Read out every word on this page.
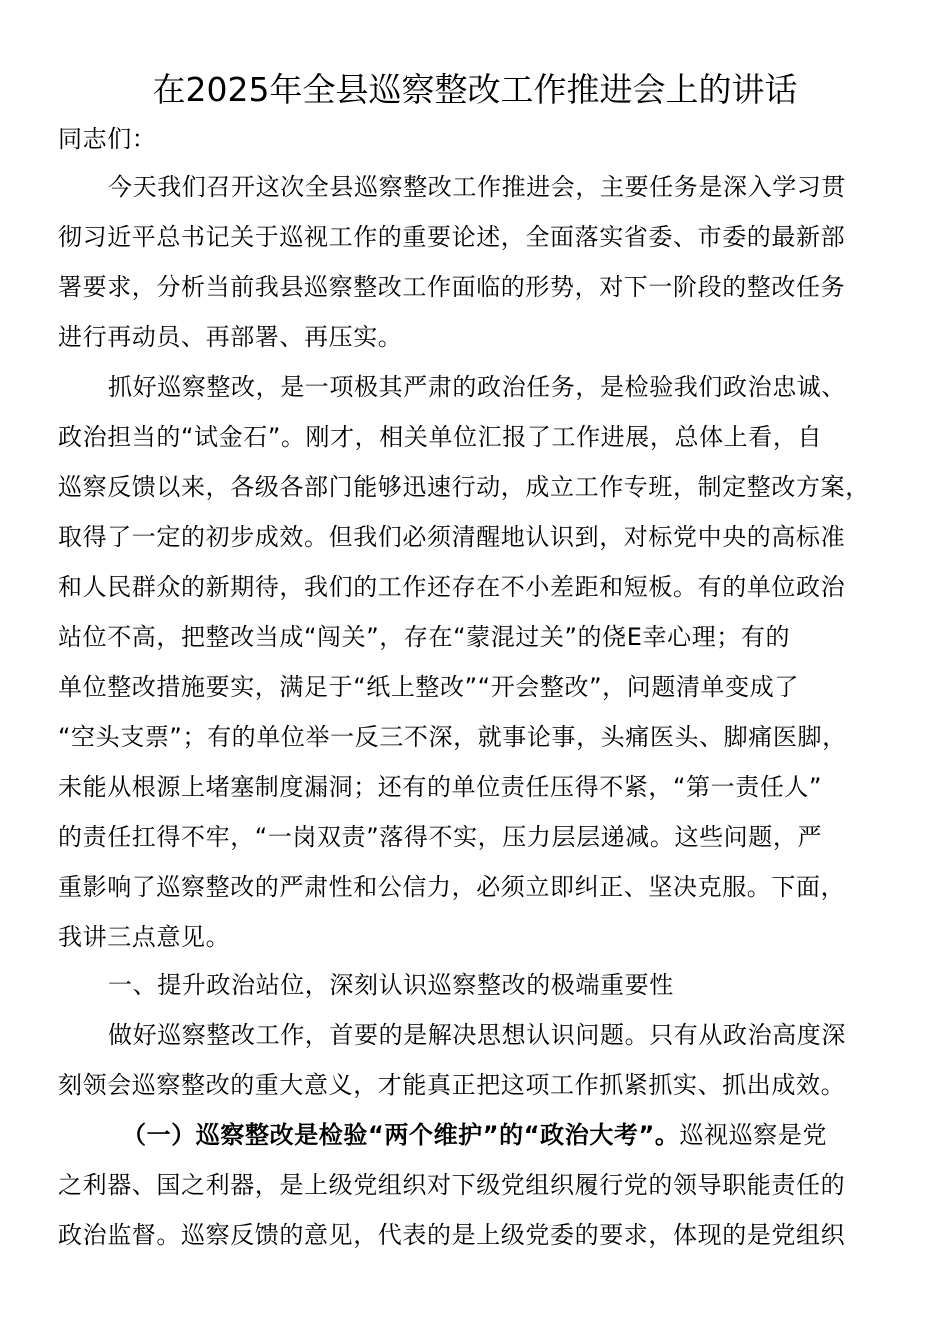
在2025年全县巡察整改工作推进会上的讲话
同志们：
今天我们召开这次全县巡察整改工作推进会，主要任务是深入学习贯
彻习近平总书记关于巡视工作的重要论述，全面落实省委、市委的最新部
署要求，分析当前我县巡察整改工作面临的形势，对下一阶段的整改任务
进行再动员、再部署、再压实。
抓好巡察整改，是一项极其严肃的政治任务，是检验我们政治忠诚、
政治担当的“试金石”。刚才，相关单位汇报了工作进展，总体上看，自
巡察反馈以来，各级各部门能够迅速行动，成立工作专班，制定整改方案，
取得了一定的初步成效。但我们必须清醒地认识到，对标党中央的高标准
和人民群众的新期待，我们的工作还存在不小差距和短板。有的单位政治
站位不高，把整改当成“闯关”，存在“蒙混过关”的侥E幸心理；有的
单位整改措施要实，满足于“纸上整改”“开会整改”，问题清单变成了
“空头支票”；有的单位举一反三不深，就事论事，头痛医头、脚痛医脚，
未能从根源上堵塞制度漏洞；还有的单位责任压得不紧，“第一责任人”
的责任扛得不牢，“一岗双责”落得不实，压力层层递减。这些问题，严
重影响了巡察整改的严肃性和公信力，必须立即纠正、坚决克服。下面，
我讲三点意见。
一、提升政治站位，深刻认识巡察整改的极端重要性
做好巡察整改工作，首要的是解决思想认识问题。只有从政治高度深
刻领会巡察整改的重大意义，才能真正把这项工作抓紧抓实、抓出成效。
（一）巡察整改是检验“两个维护”的“政治大考”。巡视巡察是党
之利器、国之利器，是上级党组织对下级党组织履行党的领导职能责任的
政治监督。巡察反馈的意见，代表的是上级党委的要求，体现的是党组织
